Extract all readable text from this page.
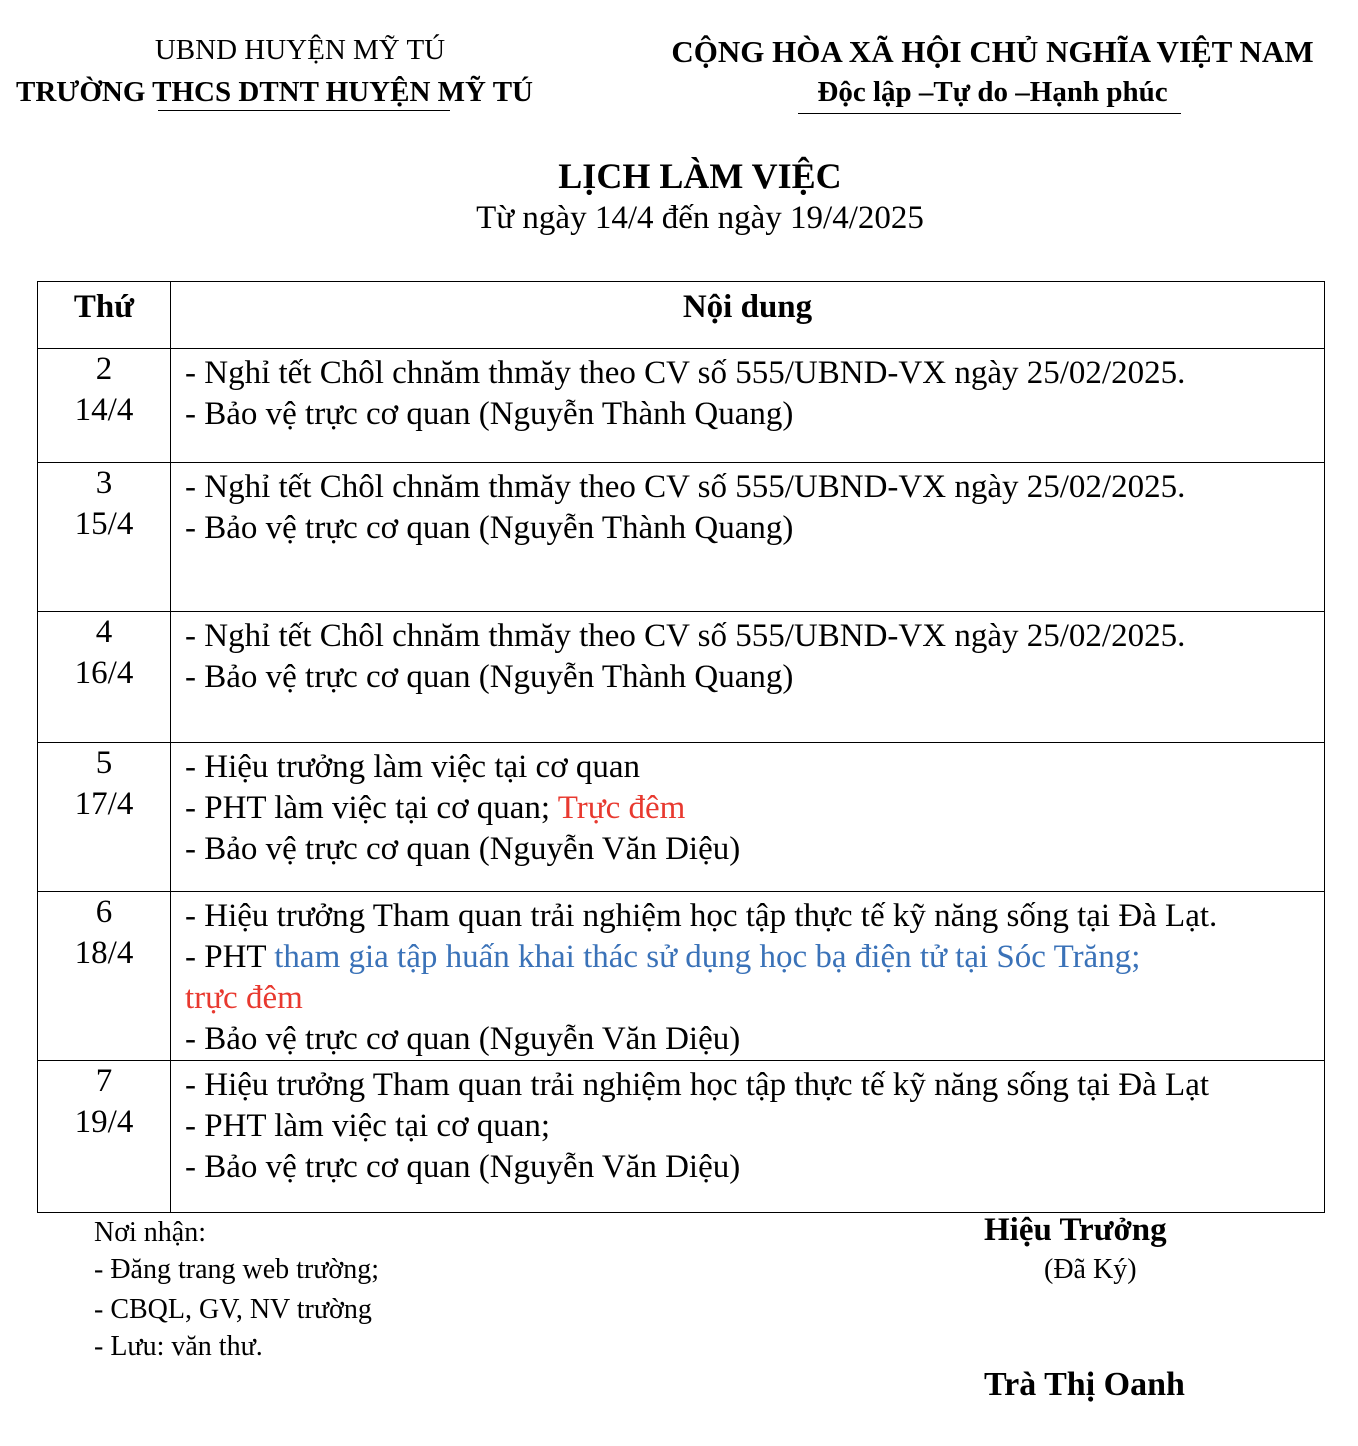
UBND HUYỆN MỸ TÚ
TRƯỜNG THCS DTNT HUYỆN MỸ TÚ
CỘNG HÒA XÃ HỘI CHỦ NGHĨA VIỆT NAM
Độc lập –Tự do –Hạnh phúc
LỊCH LÀM VIỆC
Từ ngày 14/4 đến ngày 19/4/2025
Thứ	Nội dung

2
14/4	- Nghỉ tết Chôl chnăm thmăy theo CV số 555/UBND-VX ngày 25/02/2025.
- Bảo vệ trực cơ quan (Nguyễn Thành Quang)

3
15/4	- Nghỉ tết Chôl chnăm thmăy theo CV số 555/UBND-VX ngày 25/02/2025.
- Bảo vệ trực cơ quan (Nguyễn Thành Quang)

4
16/4	- Nghỉ tết Chôl chnăm thmăy theo CV số 555/UBND-VX ngày 25/02/2025.
- Bảo vệ trực cơ quan (Nguyễn Thành Quang)

5
17/4	- Hiệu trưởng làm việc tại cơ quan
- PHT làm việc tại cơ quan; Trực đêm
- Bảo vệ trực cơ quan (Nguyễn Văn Diệu)

6
18/4	- Hiệu trưởng Tham quan trải nghiệm học tập thực tế kỹ năng sống tại Đà Lạt.
- PHT tham gia tập huấn khai thác sử dụng học bạ điện tử tại Sóc Trăng;
trực đêm
- Bảo vệ trực cơ quan (Nguyễn Văn Diệu)

7
19/4	- Hiệu trưởng Tham quan trải nghiệm học tập thực tế kỹ năng sống tại Đà Lạt
- PHT làm việc tại cơ quan;
- Bảo vệ trực cơ quan (Nguyễn Văn Diệu)
Nơi nhận:
- Đăng trang web trường;
- CBQL, GV, NV trường
- Lưu: văn thư.
Hiệu Trưởng
(Đã Ký)
Trà Thị Oanh
